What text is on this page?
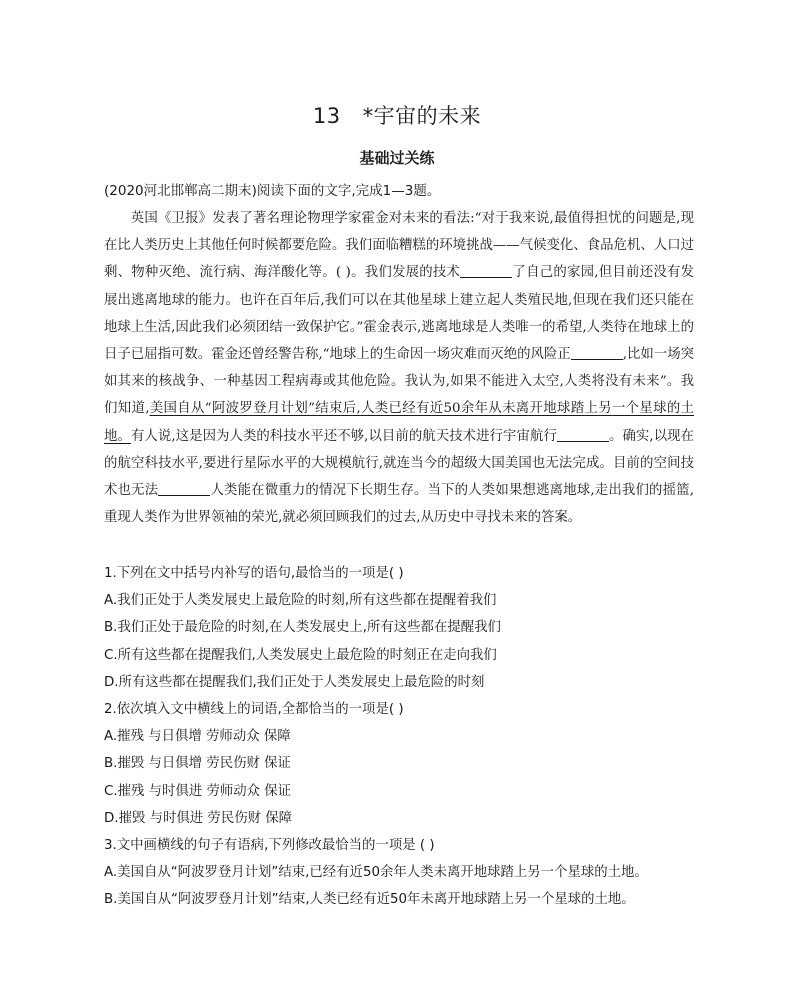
13 *宇宙的未来
基础过关练
(2020河北邯郸高二期末)阅读下面的文字,完成1—3题。

英国《卫报》发表了著名理论物理学家霍金对未来的看法:“对于我来说,最值得担忧的问题是,现在比人类历史上其他任何时候都要危险。我们面临糟糕的环境挑战——气候变化、食品危机、人口过剩、物种灭绝、流行病、海洋酸化等。( )。我们发展的技术	了自己的家园,但目前还没有发展出逃离地球的能力。也许在百年后,我们可以在其他星球上建立起人类殖民地,但现在我们还只能在地球上生活,因此我们必须团结一致保护它。”霍金表示,逃离地球是人类唯一的希望,人类待在地球上的日子已屈指可数。霍金还曾经警告称,“地球上的生命因一场灾难而灭绝的风险正	,比如一场突如其来的核战争、一种基因工程病毒或其他危险。我认为,如果不能进入太空,人类将没有未来”。我们知道,美国自从“阿波罗登月计划”结束后,人类已经有近50余年从未离开地球踏上另一个星球的土地。有人说,这是因为人类的科技水平还不够,以目前的航天技术进行宇宙航行	。确实,以现在的航空科技水平,要进行星际水平的大规模航行,就连当今的超级大国美国也无法完成。目前的空间技术也无法	人类能在微重力的情况下长期生存。当下的人类如果想逃离地球,走出我们的摇篮,重现人类作为世界领袖的荣光,就必须回顾我们的过去,从历史中寻找未来的答案。

1.下列在文中括号内补写的语句,最恰当的一项是( )
A.我们正处于人类发展史上最危险的时刻,所有这些都在提醒着我们
B.我们正处于最危险的时刻,在人类发展史上,所有这些都在提醒我们
C.所有这些都在提醒我们,人类发展史上最危险的时刻正在走向我们
D.所有这些都在提醒我们,我们正处于人类发展史上最危险的时刻
2.依次填入文中横线上的词语,全都恰当的一项是( )
A.摧残 与日俱增 劳师动众 保障
B.摧毁 与日俱增 劳民伤财 保证
C.摧残 与时俱进 劳师动众 保证
D.摧毁 与时俱进 劳民伤财 保障
3.文中画横线的句子有语病,下列修改最恰当的一项是 ( )
A.美国自从“阿波罗登月计划”结束,已经有近50余年人类未离开地球踏上另一个星球的土地。
B.美国自从“阿波罗登月计划”结束,人类已经有近50年未离开地球踏上另一个星球的土地。
